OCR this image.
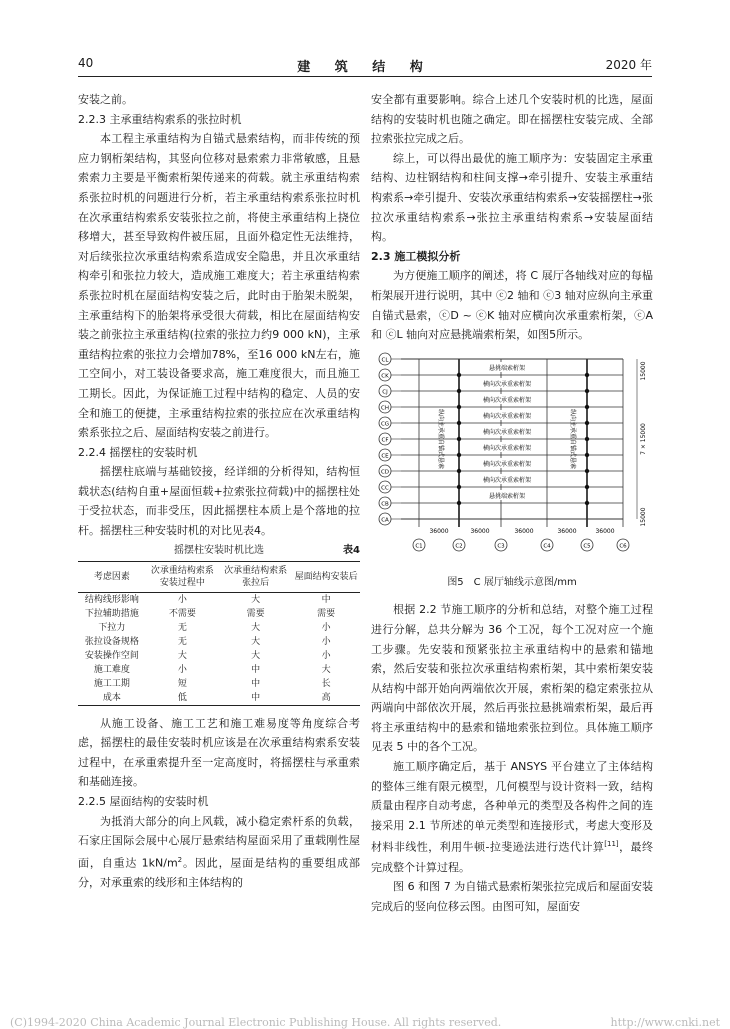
40	建 筑 结 构	2020 年

安装之前。

2.2.3 主承重结构索系的张拉时机

本工程主承重结构为自锚式悬索结构，而非传统的预应力钢桁架结构，其竖向位移对悬索索力非常敏感，且悬索索力主要是平衡索桁架传递来的荷载。就主承重结构索系张拉时机的问题进行分析，若主承重结构索系张拉时机在次承重结构索系安装张拉之前，将使主承重结构上挠位移增大，甚至导致构件被压屈，且面外稳定性无法维持，对后续张拉次承重结构索系造成安全隐患，并且次承重结构牵引和张拉力较大，造成施工难度大；若主承重结构索系张拉时机在屋面结构安装之后，此时由于胎架未脱架，主承重结构下的胎架将承受很大荷载，相比在屋面结构安装之前张拉主承重结构(拉索的张拉力约9 000 kN)，主承重结构拉索的张拉力会增加78%，至16 000 kN左右，施工空间小，对工装设备要求高，施工难度很大，而且施工工期长。因此，为保证施工过程中结构的稳定、人员的安全和施工的便捷，主承重结构拉索的张拉应在次承重结构索系张拉之后、屋面结构安装之前进行。

2.2.4 摇摆柱的安装时机

摇摆柱底端与基础铰接，经详细的分析得知，结构恒载状态(结构自重+屋面恒载+拉索张拉荷载)中的摇摆柱处于受拉状态，而非受压，因此摇摆柱本质上是个落地的拉杆。摇摆柱三种安装时机的对比见表4。

摇摆柱安装时机比选	表4
考虑因素	次承重结构索系安装过程中	次承重结构索系张拉后	屋面结构安装后
结构线形影响	小	大	中
下拉辅助措施	不需要	需要	需要
下拉力	无	大	小
张拉设备规格	无	大	小
安装操作空间	大	大	小
施工难度	小	中	大
施工工期	短	中	长
成本	低	中	高

从施工设备、施工工艺和施工难易度等角度综合考虑，摇摆柱的最佳安装时机应该是在次承重结构索系安装过程中，在承重索提升至一定高度时，将摇摆柱与承重索和基础连接。

2.2.5 屋面结构的安装时机

为抵消大部分的向上风载，减小稳定索杆系的负载，石家庄国际会展中心展厅悬索结构屋面采用了重载刚性屋面，自重达 $1kN/m^2$。因此，屋面是结构的重要组成部分，对承重索的线形和主体结构的

安全都有重要影响。综合上述几个安装时机的比选，屋面结构的安装时机也随之确定。即在摇摆柱安装完成、全部拉索张拉完成之后。

综上，可以得出最优的施工顺序为：安装固定主承重结构、边柱钢结构和柱间支撑→牵引提升、安装主承重结构索系→牵引提升、安装次承重结构索系→安装摇摆柱→张拉次承重结构索系→张拉主承重结构索系→安装屋面结构。

2.3 施工模拟分析

为方便施工顺序的阐述，将 C 展厅各轴线对应的每榀桁架展开进行说明，其中 ⓒ2 轴和 ⓒ3 轴对应纵向主承重自锚式悬索，ⓒD ~ ⓒK 轴对应横向次承重索桁架，ⓒA 和 ⓒL 轴向对应悬挑端索桁架，如图5所示。

CL
CK
CJ
CH
CG
CF
CE
CD
CC
CB
CA
C1	C2	C3	C4	C5	C6
悬挑端索桁架
横向次承重索桁架
横向次承重索桁架
横向次承重索桁架
横向次承重索桁架
横向次承重索桁架
横向次承重索桁架
横向次承重索桁架
悬挑端索桁架
纵向主承重自锚式悬索	纵向主承重自锚式悬索
36000	36000	36000	36000	36000
15000
7 × 15000
15000
图5　C 展厅轴线示意图/mm

根据 2.2 节施工顺序的分析和总结，对整个施工过程进行分解，总共分解为 36 个工况，每个工况对应一个施工步骤。先安装和预紧张拉主承重结构中的悬索和锚地索，然后安装和张拉次承重结构索桁架，其中索桁架安装从结构中部开始向两端依次开展，索桁架的稳定索张拉从两端向中部依次开展，然后再张拉悬挑端索桁架，最后再将主承重结构中的悬索和锚地索张拉到位。具体施工顺序见表 5 中的各个工况。

施工顺序确定后，基于 ANSYS 平台建立了主体结构的整体三维有限元模型，几何模型与设计资料一致，结构质量由程序自动考虑，各种单元的类型及各构件之间的连接采用 2.1 节所述的单元类型和连接形式，考虑大变形及材料非线性，利用牛顿-拉斐逊法进行迭代计算[11]，最终完成整个计算过程。

图 6 和图 7 为自锚式悬索桁架张拉完成后和屋面安装完成后的竖向位移云图。由图可知，屋面安

(C)1994-2020 China Academic Journal Electronic Publishing House. All rights reserved.	http://www.cnki.net
